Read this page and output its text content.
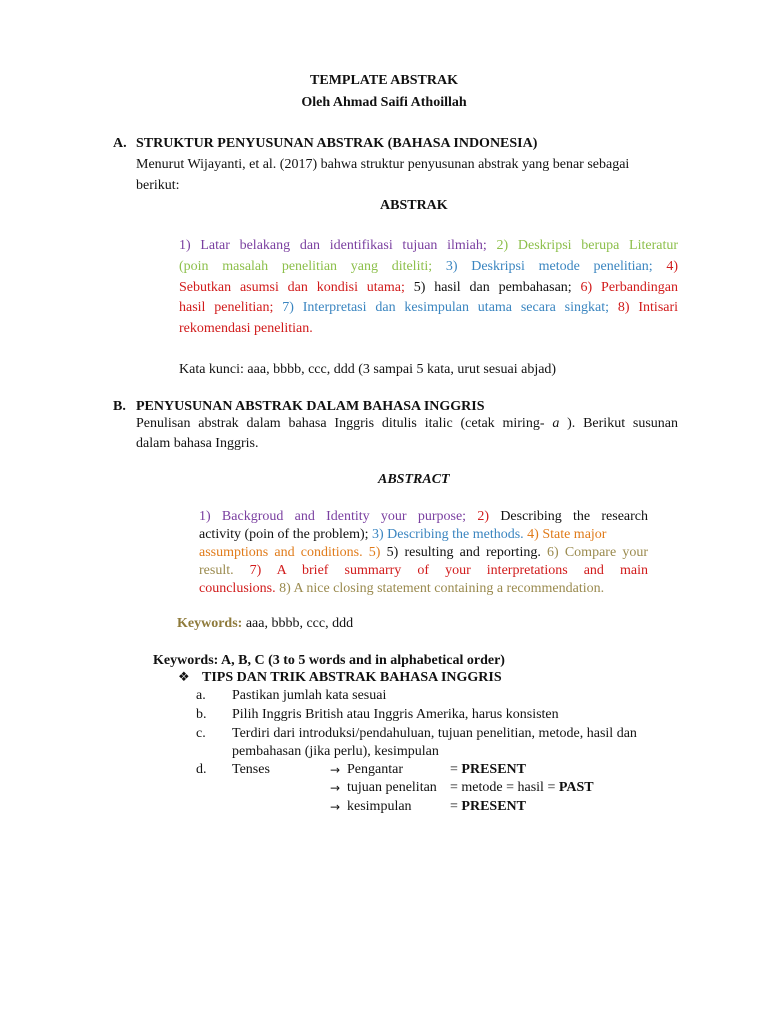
TEMPLATE ABSTRAK
Oleh Ahmad Saifi Athoillah
A. STRUKTUR PENYUSUNAN ABSTRAK (BAHASA INDONESIA)
Menurut Wijayanti, et al. (2017) bahwa struktur penyusunan abstrak yang benar sebagai
berikut:
ABSTRAK
1) Latar belakang dan identifikasi tujuan ilmiah; 2) Deskripsi berupa Literatur
(poin masalah penelitian yang diteliti; 3) Deskripsi metode penelitian; 4)
Sebutkan asumsi dan kondisi utama; 5) hasil dan pembahasan; 6) Perbandingan
hasil penelitian; 7) Interpretasi dan kesimpulan utama secara singkat; 8) Intisari
rekomendasi penelitian.
Kata kunci: aaa, bbbb, ccc, ddd (3 sampai 5 kata, urut sesuai abjad)
B. PENYUSUNAN ABSTRAK DALAM BAHASA INGGRIS
Penulisan abstrak dalam bahasa Inggris ditulis italic (cetak miring- a ). Berikut susunan
dalam bahasa Inggris.
ABSTRACT
1) Backgroud and Identity your purpose; 2) Describing the research
activity (poin of the problem); 3) Describing the methods. 4) State major
assumptions and conditions. 5) 5) resulting and reporting. 6) Compare your
result. 7) A brief summarry of your interpretations and main
counclusions. 8) A nice closing statement containing a recommendation.
Keywords: aaa, bbbb, ccc, ddd
Keywords: A, B, C (3 to 5 words and in alphabetical order)
❖ TIPS DAN TRIK ABSTRAK BAHASA INGGRIS
a. Pastikan jumlah kata sesuai
b. Pilih Inggris British atau Inggris Amerika, harus konsisten
c. Terdiri dari introduksi/pendahuluan, tujuan penelitian, metode, hasil dan
pembahasan (jika perlu), kesimpulan
d. Tenses	→ Pengantar	= PRESENT
→ tujuan penelitan = metode = hasil = PAST
→ kesimpulan	= PRESENT
